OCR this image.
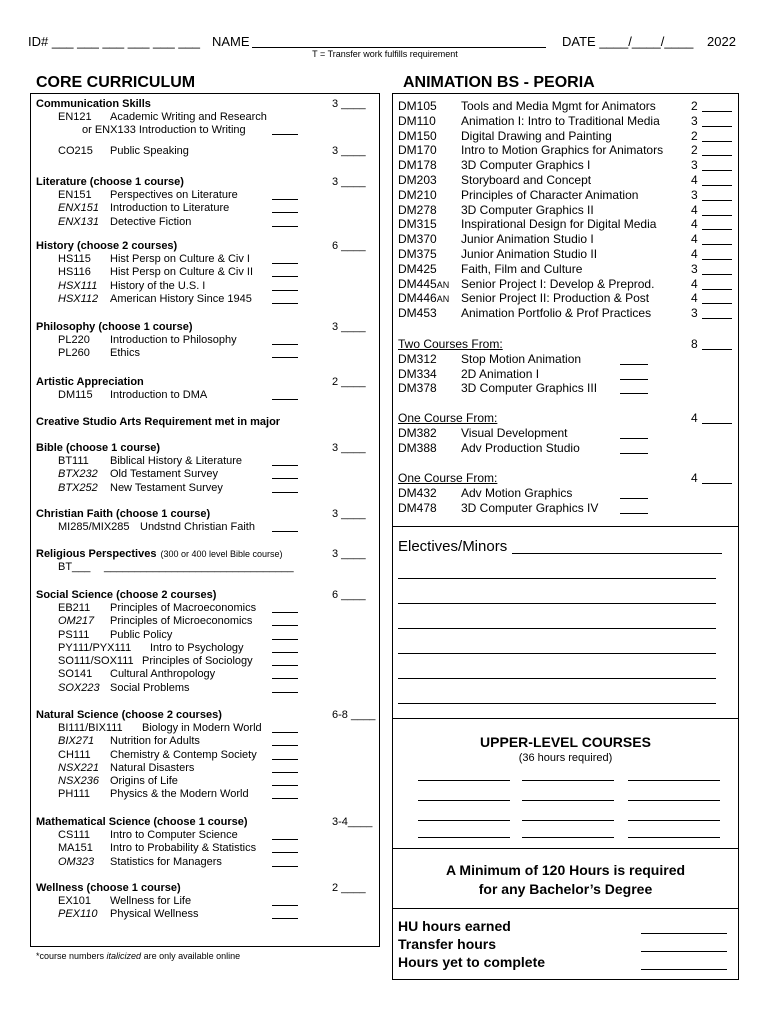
ID# ___ ___ ___ ___ ___ ___ NAME	DATE ____/____/____ 2022
T = Transfer work fulfills requirement
CORE CURRICULUM	ANIMATION BS - PEORIA
Communication Skills	3 ____
EN121 Academic Writing and Research
or ENX133 Introduction to Writing
CO215 Public Speaking	3 ____
Literature (choose 1 course)	3 ____
EN151 Perspectives on Literature
ENX151 Introduction to Literature
ENX131 Detective Fiction
History (choose 2 courses)	6 ____
HS115 Hist Persp on Culture & Civ I
HS116 Hist Persp on Culture & Civ II
HSX111 History of the U.S. I
HSX112 American History Since 1945
Philosophy (choose 1 course)	3 ____
PL220 Introduction to Philosophy
PL260 Ethics
Artistic Appreciation	2 ____
DM115 Introduction to DMA
Creative Studio Arts Requirement met in major
Bible (choose 1 course)	3 ____
BT111 Biblical History & Literature
BTX232 Old Testament Survey
BTX252 New Testament Survey
Christian Faith (choose 1 course)	3 ____
MI285/MIX285 Undstnd Christian Faith
Religious Perspectives (300 or 400 level Bible course)	3 ____
BT___ _______________________________
Social Science (choose 2 courses)	6 ____
EB211 Principles of Macroeconomics
OM217 Principles of Microeconomics
PS111 Public Policy
PY111/PYX111 Intro to Psychology
SO111/SOX111 Principles of Sociology
SO141 Cultural Anthropology
SOX223 Social Problems
Natural Science (choose 2 courses)	6-8 ____
BI111/BIX111 Biology in Modern World
BIX271 Nutrition for Adults
CH111 Chemistry & Contemp Society
NSX221 Natural Disasters
NSX236 Origins of Life
PH111 Physics & the Modern World
Mathematical Science (choose 1 course)	3-4____
CS111 Intro to Computer Science
MA151 Intro to Probability & Statistics
OM323 Statistics for Managers
Wellness (choose 1 course)	2 ____
EX101 Wellness for Life
PEX110 Physical Wellness
*course numbers italicized are only available online
DM105 Tools and Media Mgmt for Animators	2
DM110 Animation I: Intro to Traditional Media	3
DM150 Digital Drawing and Painting	2
DM170 Intro to Motion Graphics for Animators 2
DM178 3D Computer Graphics I	3
DM203 Storyboard and Concept	4
DM210 Principles of Character Animation	3
DM278 3D Computer Graphics II	4
DM315 Inspirational Design for Digital Media	4
DM370 Junior Animation Studio I	4
DM375 Junior Animation Studio II	4
DM425 Faith, Film and Culture	3
DM445AN Senior Project I: Develop & Preprod.	4
DM446AN Senior Project II: Production & Post	4
DM453 Animation Portfolio & Prof Practices	3
Two Courses From:	8
DM312 Stop Motion Animation
DM334 2D Animation I
DM378 3D Computer Graphics III
One Course From:	4
DM382 Visual Development
DM388 Adv Production Studio
One Course From:	4
DM432 Adv Motion Graphics
DM478 3D Computer Graphics IV
Electives/Minors
UPPER-LEVEL COURSES
(36 hours required)
A Minimum of 120 Hours is required
for any Bachelor’s Degree
HU hours earned
Transfer hours
Hours yet to complete
